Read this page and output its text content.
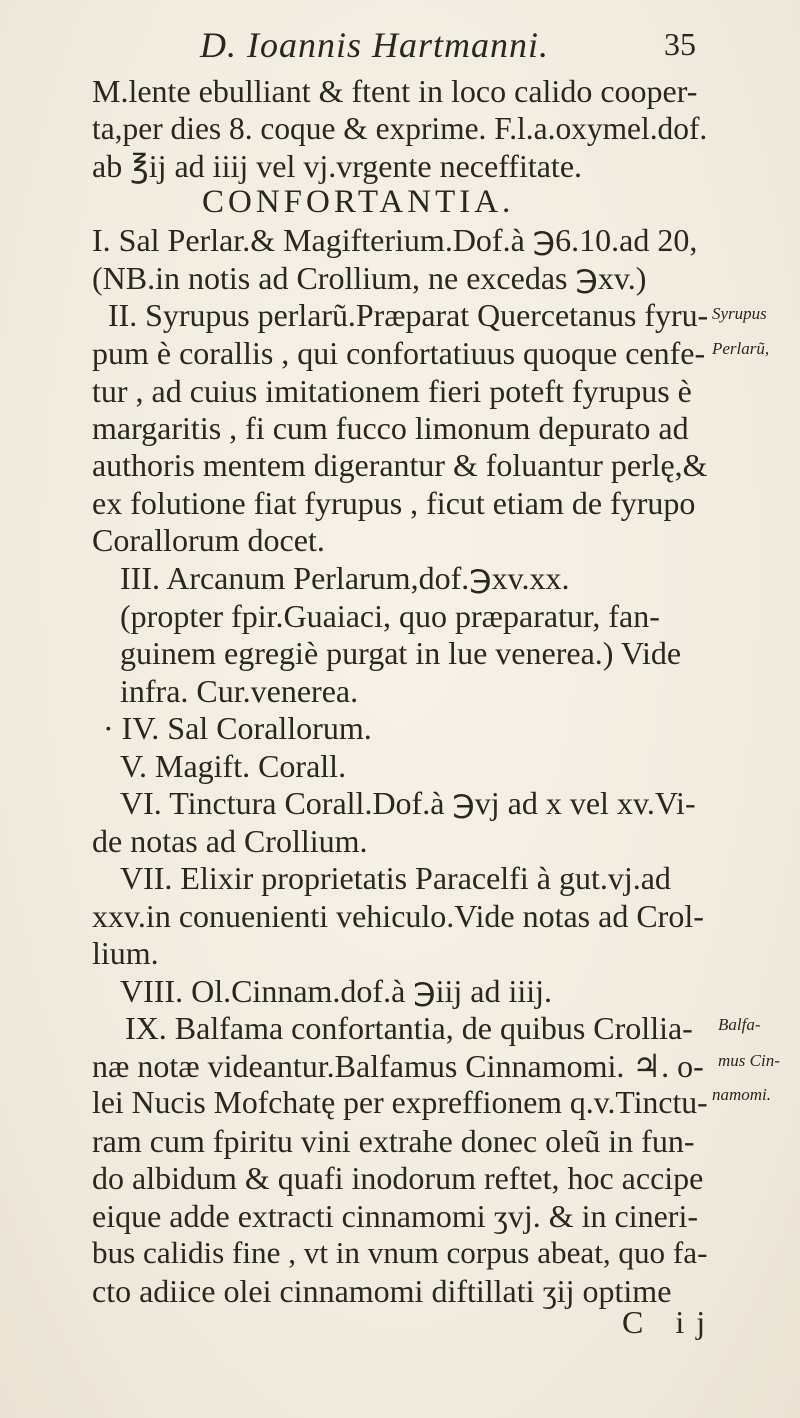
D. Ioannis Hartmanni.	35
M.lente ebulliant & ftent in loco calido cooper-
ta,per dies 8. coque & exprime. F.l.a.oxymel.dof.
ab ℥ij ad iiij vel vj.vrgente neceffitate.
CONFORTANTIA.
I. Sal Perlar.& Magifterium.Dof.à ℈6.10.ad 20,
(NB.in notis ad Crollium, ne excedas ℈xv.)
II. Syrupus perlarũ.Præparat Quercetanus fyru-
pum è corallis , qui confortatiuus quoque cenfe-
tur , ad cuius imitationem fieri poteft fyrupus è
margaritis , fi cum fucco limonum depurato ad
authoris mentem digerantur & foluantur perlę,&
ex folutione fiat fyrupus , ficut etiam de fyrupo
Corallorum docet.
III. Arcanum Perlarum,dof.℈xv.xx.
(propter fpir.Guaiaci, quo præparatur, fan-
guinem egregiè purgat in lue venerea.) Vide
infra. Cur.venerea.
· IV. Sal Corallorum.
V. Magift. Corall.
VI. Tinctura Corall.Dof.à ℈vj ad x vel xv.Vi-
de notas ad Crollium.
VII. Elixir proprietatis Paracelfi à gut.vj.ad
xxv.in conuenienti vehiculo.Vide notas ad Crol-
lium.
VIII. Ol.Cinnam.dof.à ℈iij ad iiij.
IX. Balfama confortantia, de quibus Crollia-
næ notæ videantur.Balfamus Cinnamomi. ♃. o-
lei Nucis Mofchatę per expreffionem q.v.Tinctu-
ram cum fpiritu vini extrahe donec oleũ in fun-
do albidum & quafi inodorum reftet, hoc accipe
eique adde extracti cinnamomi ʒvj. & in cineri-
bus calidis fine , vt in vnum corpus abeat, quo fa-
cto adiice olei cinnamomi diftillati ʒij optime
Syrupus
Perlarũ,
Balfa-
mus Cin-
namomi.
C ij
